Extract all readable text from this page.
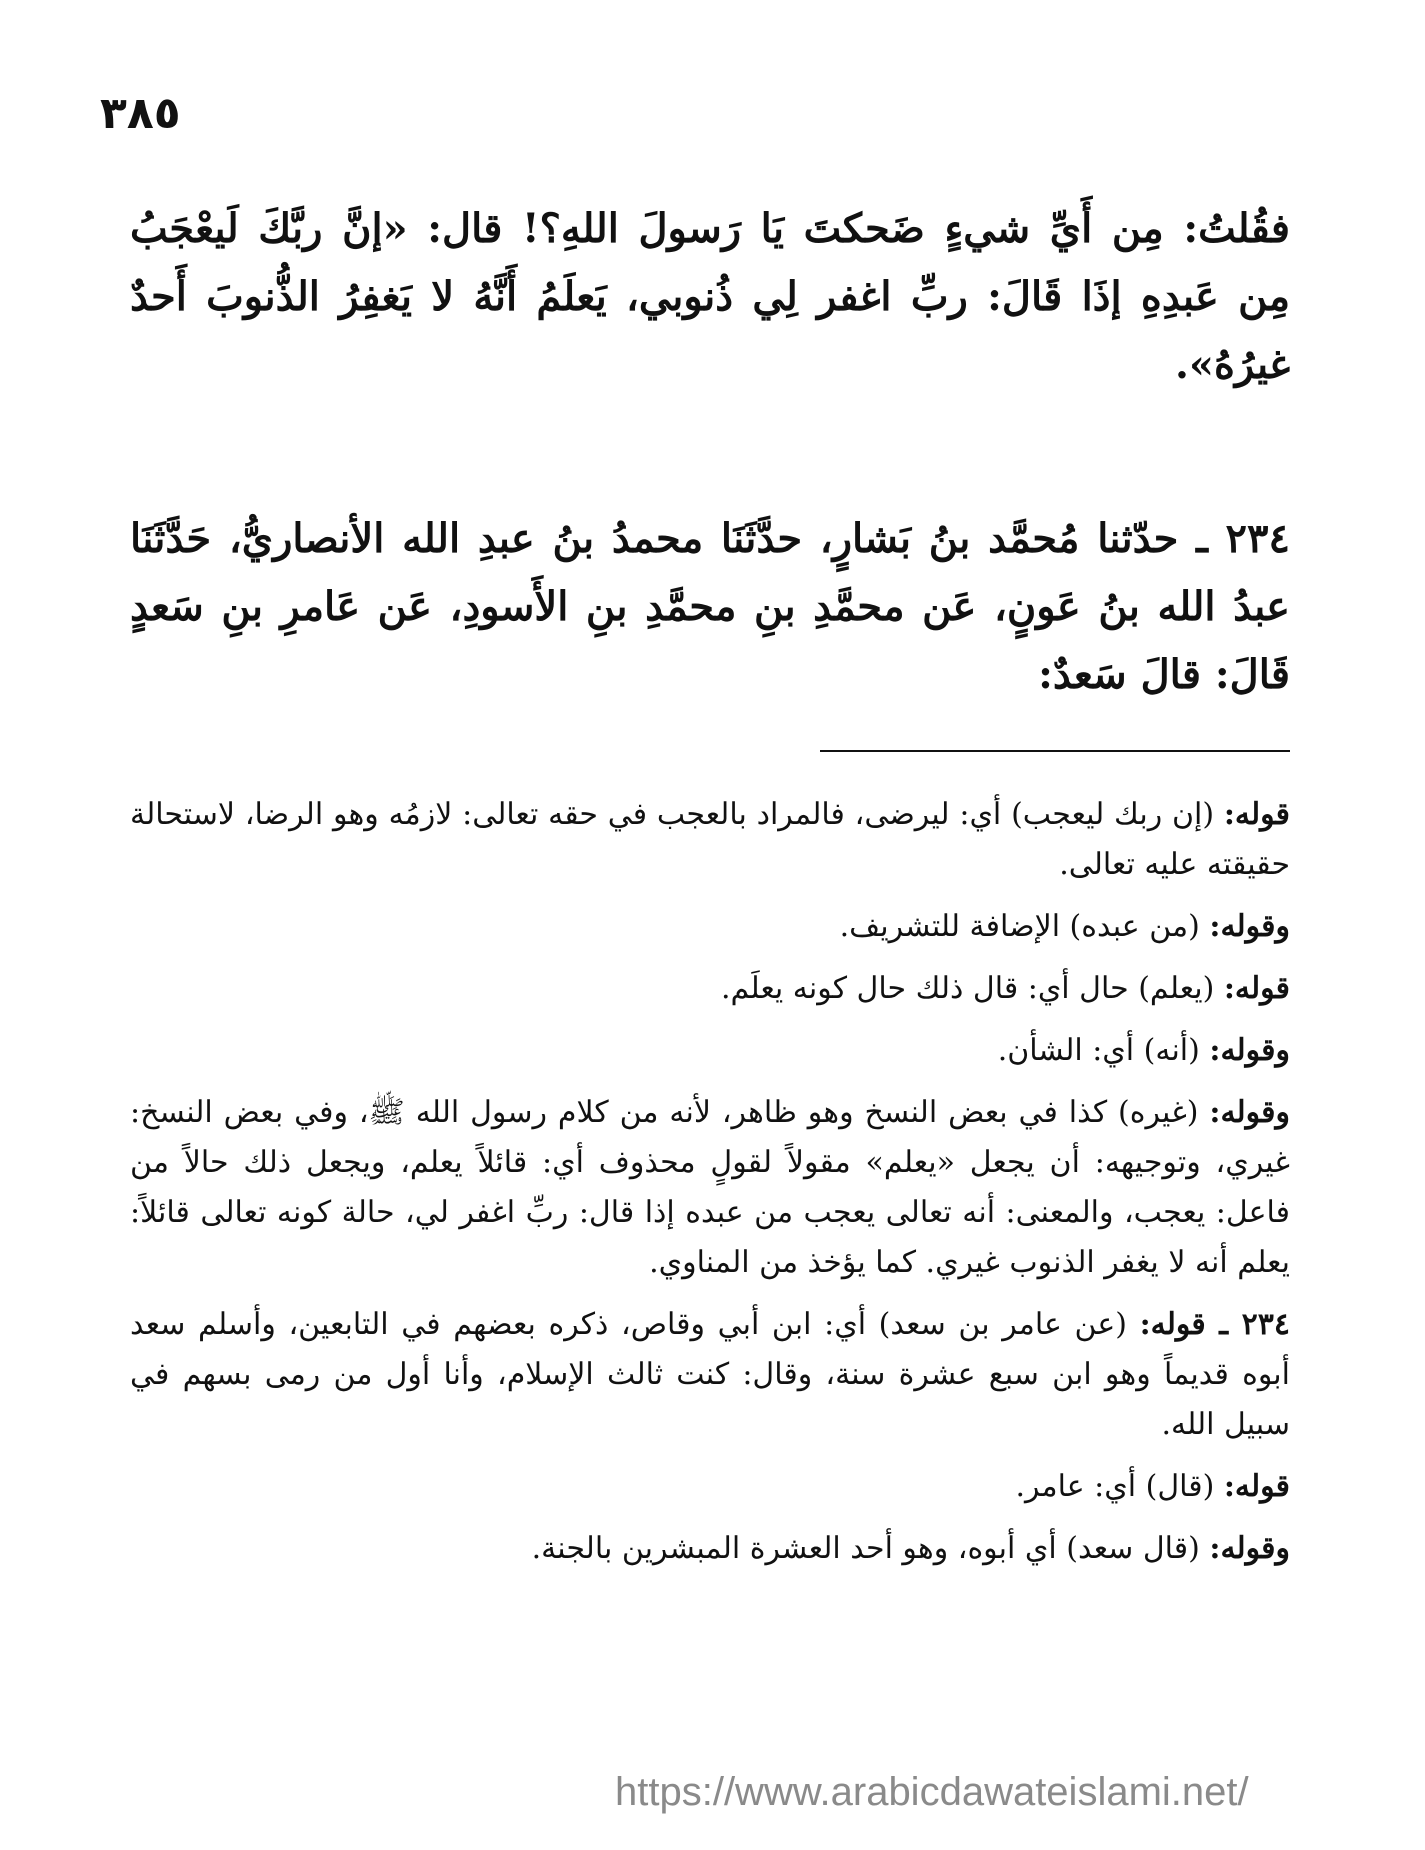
٣٨٥

فقُلتُ: مِن أَيِّ شيءٍ ضَحكتَ يَا رَسولَ اللهِ؟! قال: «إنَّ ربَّكَ لَيعْجَبُ مِن عَبدِهِ إذَا قَالَ: ربِّ اغفر لِي ذُنوبي، يَعلَمُ أَنَّهُ لا يَغفِرُ الذُّنوبَ أَحدٌ غيرُهُ».

٢٣٤ ـ حدّثنا مُحمَّد بنُ بَشارٍ، حدَّثَنَا محمدُ بنُ عبدِ الله الأنصاريُّ، حَدَّثَنَا عبدُ الله بنُ عَونٍ، عَن محمَّدِ بنِ محمَّدِ بنِ الأَسودِ، عَن عَامرِ بنِ سَعدٍ قَالَ: قالَ سَعدٌ:

قوله: (إن ربك ليعجب) أي: ليرضى، فالمراد بالعجب في حقه تعالى: لازمُه وهو الرضا، لاستحالة حقيقته عليه تعالى.

وقوله: (من عبده) الإضافة للتشريف.

قوله: (يعلم) حال أي: قال ذلك حال كونه يعلَم.

وقوله: (أنه) أي: الشأن.

وقوله: (غيره) كذا في بعض النسخ وهو ظاهر، لأنه من كلام رسول الله ﷺ، وفي بعض النسخ: غيري، وتوجيهه: أن يجعل «يعلم» مقولاً لقولٍ محذوف أي: قائلاً يعلم، ويجعل ذلك حالاً من فاعل: يعجب، والمعنى: أنه تعالى يعجب من عبده إذا قال: ربِّ اغفر لي، حالة كونه تعالى قائلاً: يعلم أنه لا يغفر الذنوب غيري. كما يؤخذ من المناوي.

٢٣٤ ـ قوله: (عن عامر بن سعد) أي: ابن أبي وقاص، ذكره بعضهم في التابعين، وأسلم سعد أبوه قديماً وهو ابن سبع عشرة سنة، وقال: كنت ثالث الإسلام، وأنا أول من رمى بسهم في سبيل الله.

قوله: (قال) أي: عامر.

وقوله: (قال سعد) أي أبوه، وهو أحد العشرة المبشرين بالجنة.

https://www.arabicdawateislami.net/
